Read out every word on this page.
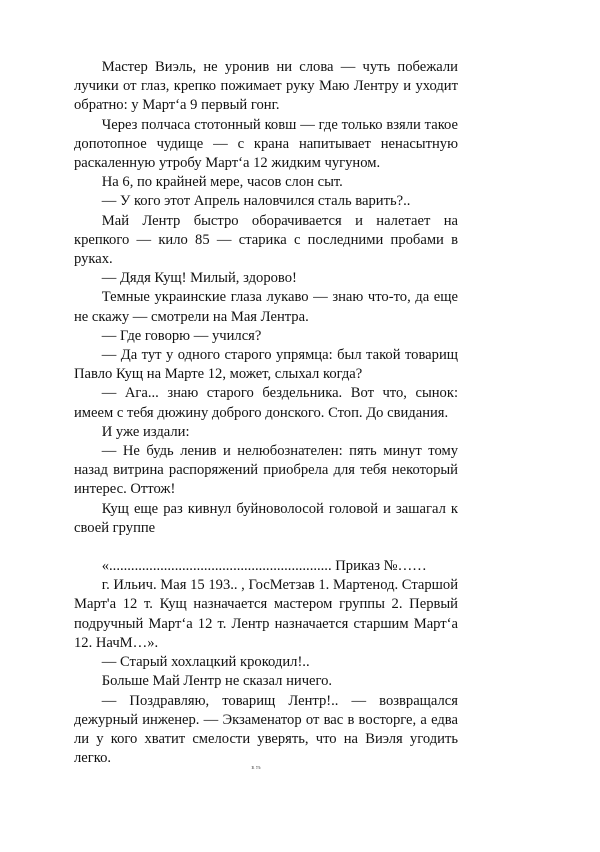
Мастер Виэль, не уронив ни слова — чуть побежали лучики от глаз, крепко пожимает руку Маю Лентру и уходит обратно: у Март‘а 9 первый гонг.

Через полчаса стотонный ковш — где только взяли такое допотопное чудище — с крана напитывает ненасытную раскаленную утробу Март‘а 12 жидким чугуном.

На 6, по крайней мере, часов слон сыт.

— У кого этот Апрель наловчился сталь варить?..

Май Лентр быстро оборачивается и налетает на крепкого — кило 85 — старика с последними пробами в руках.

— Дядя Кущ! Милый, здорово!

Темные украинские глаза лукаво — знаю что-то, да еще не скажу — смотрели на Мая Лентра.

— Где говорю — учился?

— Да тут у одного старого упрямца: был такой товарищ Павло Кущ на Марте 12, может, слыхал когда?

— Ага... знаю старого бездельника. Вот что, сынок: имеем с тебя дюжину доброго донского. Стоп. До свидания.

И уже издали:

— Не будь ленив и нелюбознателен: пять минут тому назад витрина распоряжений приобрела для тебя некоторый интерес. Оттож!

Кущ еще раз кивнул буйноволосой головой и зашагал к своей группе

«............................................................. Приказ №……

г. Ильич. Мая 15 193.. , ГосМетзав 1. Мартенод. Старшой Март'а 12 т. Кущ назначается мастером группы 2. Первый подручный Март‘а 12 т. Лентр назначается старшим Март‘а 12. НачМ…».

— Старый хохлацкий крокодил!..

Больше Май Лентр не сказал ничего.

— Поздравляю, товарищ Лентр!.. — возвращался дежурный инженер. — Экзаменатор от вас в восторге, а едва ли у кого хватит смелости уверять, что на Виэля угодить легко.

15
